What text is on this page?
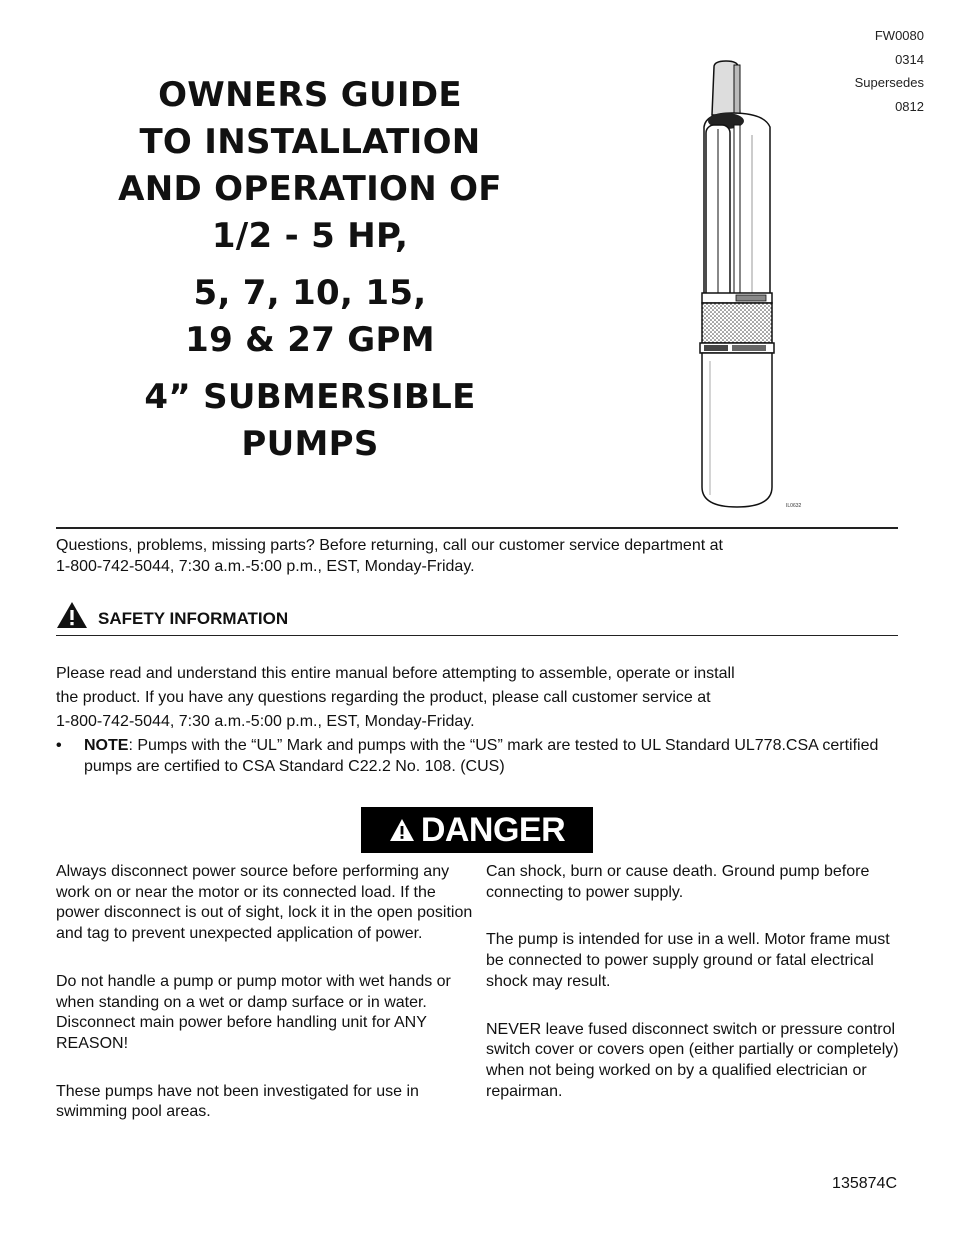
FW0080
0314
Supersedes
0812
OWNERS GUIDE
TO INSTALLATION
AND OPERATION OF
1/2 - 5 HP,
5, 7, 10, 15,
19 & 27 GPM
4” SUBMERSIBLE
PUMPS
IL0632
Questions, problems, missing parts? Before returning, call our customer service department at
1-800-742-5044, 7:30 a.m.-5:00 p.m., EST, Monday-Friday.
SAFETY INFORMATION
Please read and understand this entire manual before attempting to assemble, operate or install
the product. If you have any questions regarding the product, please call customer service at
1-800-742-5044, 7:30 a.m.-5:00 p.m., EST, Monday-Friday.
•	NOTE: Pumps with the “UL” Mark and pumps with the “US” mark are tested to UL Standard UL778.CSA certified pumps are certified to CSA Standard C22.2 No. 108. (CUS)
DANGER

Always disconnect power source before performing any work on or near the motor or its connected load. If the power disconnect is out of sight, lock it in the open position and tag to prevent unexpected application of power.

Do not handle a pump or pump motor with wet hands or when standing on a wet or damp surface or in water. Disconnect main power before handling unit for ANY REASON!

These pumps have not been investigated for use in swimming pool areas.

Can shock, burn or cause death. Ground pump before connecting to power supply.

The pump is intended for use in a well. Motor frame must be connected to power supply ground or fatal electrical shock may result.

NEVER leave fused disconnect switch or pressure control switch cover or covers open (either partially or completely) when not being worked on by a qualified electrician or repairman.

135874C
